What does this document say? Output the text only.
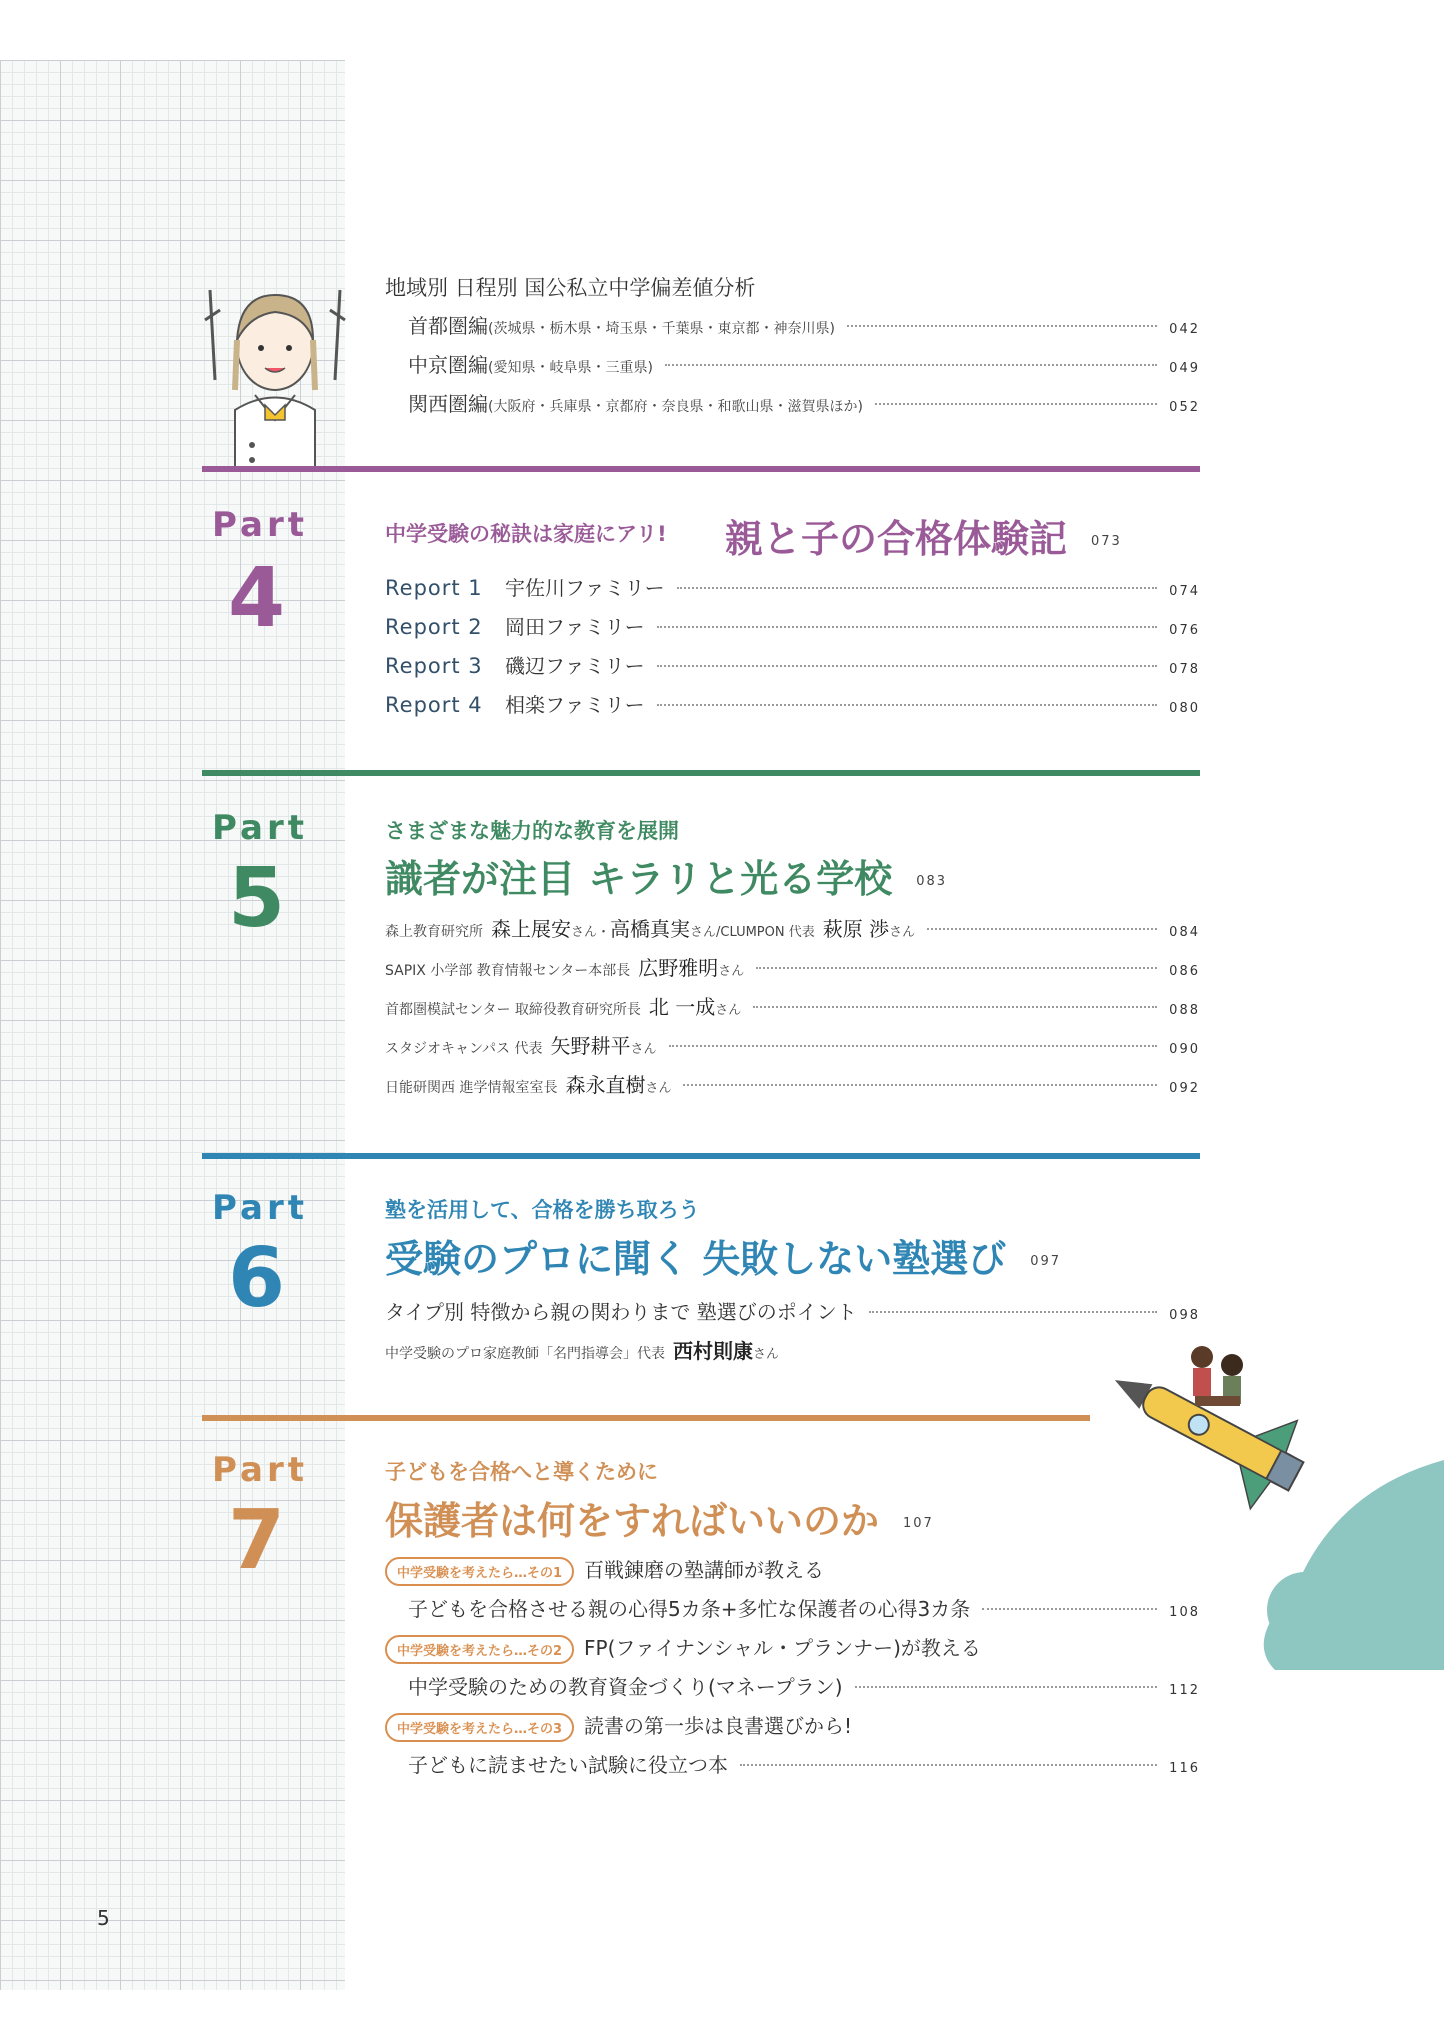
地域別 日程別 国公私立中学偏差値分析
首都圏編 (茨城県・栃木県・埼玉県・千葉県・東京都・神奈川県)	042
中京圏編 (愛知県・岐阜県・三重県)	049
関西圏編 (大阪府・兵庫県・京都府・奈良県・和歌山県・滋賀県ほか)	052
Part
4
中学受験の秘訣は家庭にアリ! 親と子の合格体験記 073
Report 1	宇佐川ファミリー	074
Report 2	岡田ファミリー	076
Report 3	磯辺ファミリー	078
Report 4	相楽ファミリー	080
Part
5
さまざまな魅力的な教育を展開
識者が注目 キラリと光る学校 083
森上教育研究所 森上展安 さん・ 高橋真実 さん/CLUMPON 代表 萩原 渉 さん	084
SAPIX 小学部 教育情報センター本部長 広野雅明 さん	086
首都圏模試センター 取締役教育研究所長 北 一成 さん	088
スタジオキャンパス 代表 矢野耕平 さん	090
日能研関西 進学情報室室長 森永直樹 さん	092
Part
6
塾を活用して、合格を勝ち取ろう
受験のプロに聞く 失敗しない塾選び 097
タイプ別 特徴から親の関わりまで 塾選びのポイント	098
中学受験のプロ家庭教師「名門指導会」代表 西村則康 さん
Part
7
子どもを合格へと導くために
保護者は何をすればいいのか 107
中学受験を考えたら…その1	百戦錬磨の塾講師が教える
子どもを合格させる親の心得5カ条+多忙な保護者の心得3カ条	108
中学受験を考えたら…その2	FP(ファイナンシャル・プランナー)が教える
中学受験のための教育資金づくり(マネープラン)	112
中学受験を考えたら…その3	読書の第一歩は良書選びから!
子どもに読ませたい試験に役立つ本	116
5
